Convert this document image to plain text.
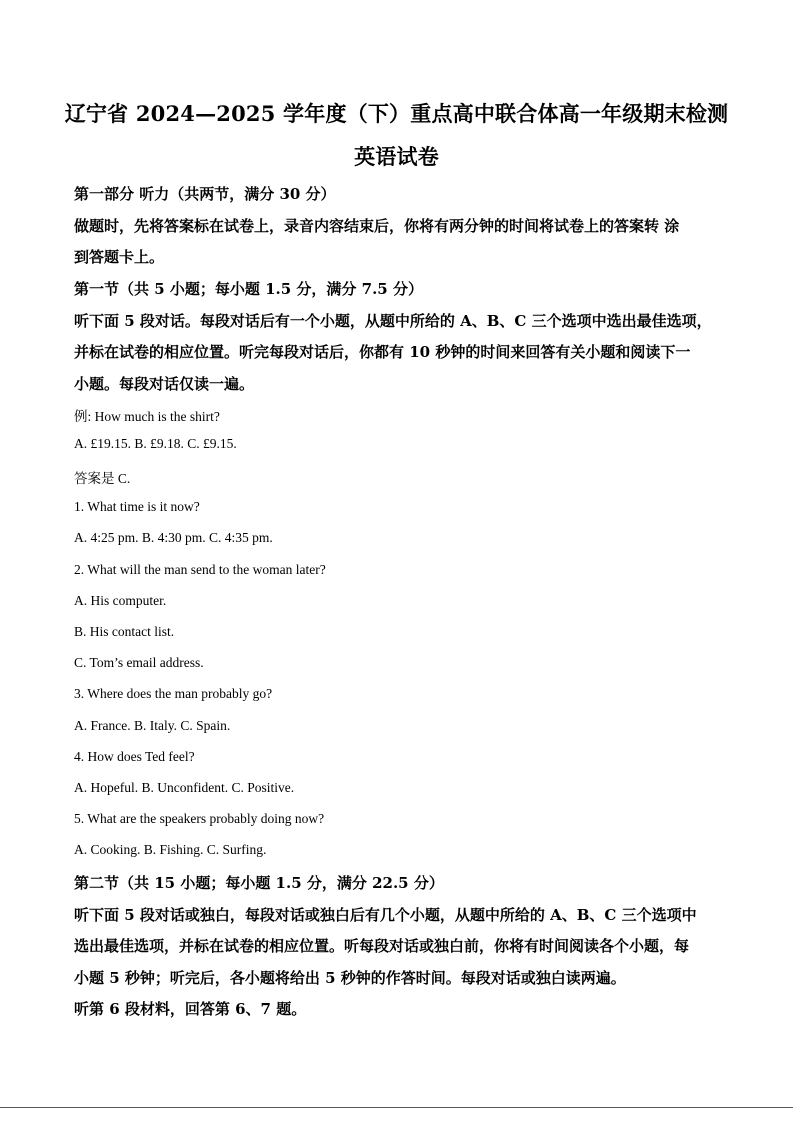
辽宁省 2024—2025 学年度（下）重点高中联合体高一年级期末检测
英语试卷
第一部分 听力（共两节，满分 30 分）
做题时，先将答案标在试卷上，录音内容结束后，你将有两分钟的时间将试卷上的答案转 涂
到答题卡上。
第一节（共 5 小题；每小题 1.5 分，满分 7.5 分）
听下面 5 段对话。每段对话后有一个小题，从题中所给的 A、B、C 三个选项中选出最佳选项，
并标在试卷的相应位置。听完每段对话后，你都有 10 秒钟的时间来回答有关小题和阅读下一
小题。每段对话仅读一遍。
例: How much is the shirt?
A. £19.15. B. £9.18. C. £9.15.
答案是 C.
1. What time is it now?
A. 4:25 pm. B. 4:30 pm. C. 4:35 pm.
2. What will the man send to the woman later?
A. His computer.
B. His contact list.
C. Tom’s email address.
3. Where does the man probably go?
A. France. B. Italy. C. Spain.
4. How does Ted feel?
A. Hopeful. B. Unconfident. C. Positive.
5. What are the speakers probably doing now?
A. Cooking. B. Fishing. C. Surfing.
第二节（共 15 小题；每小题 1.5 分，满分 22.5 分）
听下面 5 段对话或独白，每段对话或独白后有几个小题，从题中所给的 A、B、C 三个选项中
选出最佳选项，并标在试卷的相应位置。听每段对话或独白前，你将有时间阅读各个小题，每
小题 5 秒钟；听完后，各小题将给出 5 秒钟的作答时间。每段对话或独白读两遍。
听第 6 段材料，回答第 6、7 题。
